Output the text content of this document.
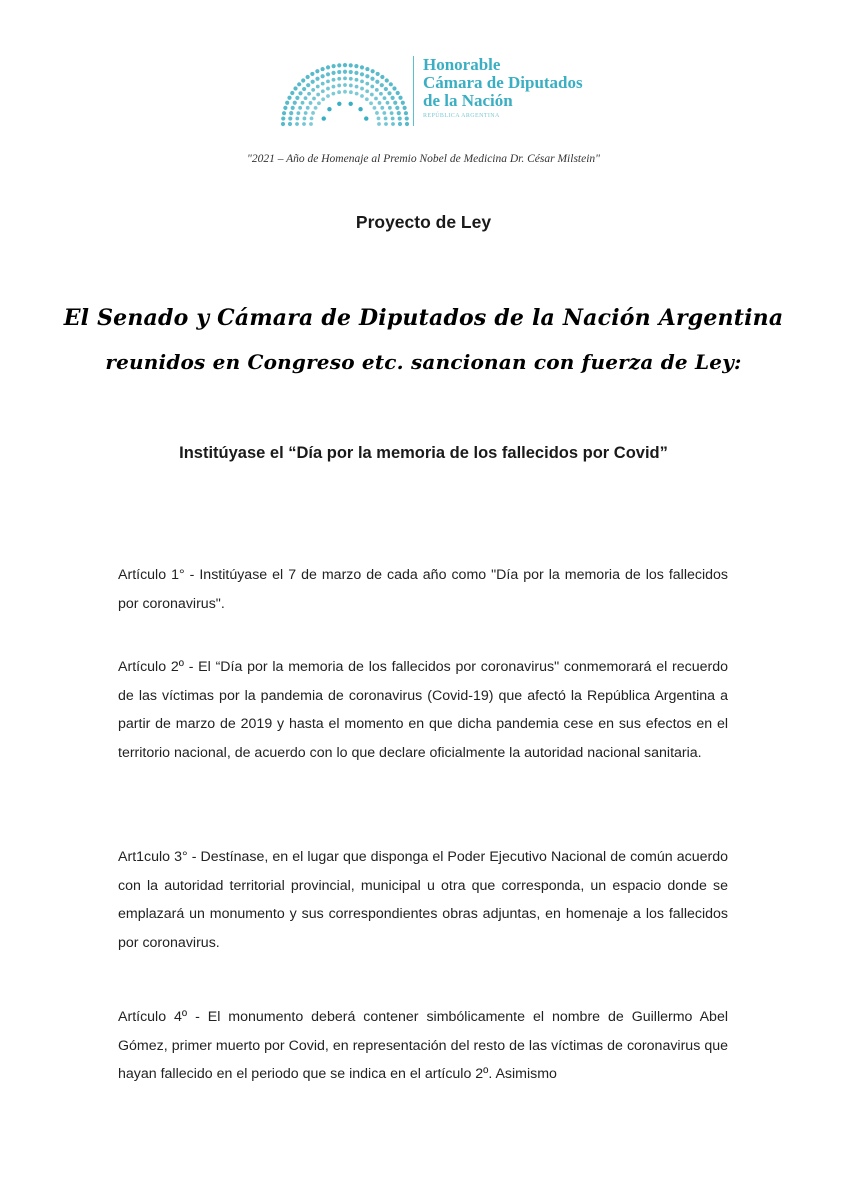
Honorable
Cámara de Diputados
de la Nación
REPÚBLICA ARGENTINA
"2021 – Año de Homenaje al Premio Nobel de Medicina Dr. César Milstein"
Proyecto de Ley
El Senado y Cámara de Diputados de la Nación Argentina
reunidos en Congreso etc. sancionan con fuerza de Ley:
Institúyase el “Día por la memoria de los fallecidos por Covid”

Artículo 1° - Institúyase el 7 de marzo de cada año como "Día por la memoria de los fallecidos por coronavirus".

Artículo 2º - El “Día por la memoria de los fallecidos por coronavirus" conmemorará el recuerdo de las víctimas por la pandemia de coronavirus (Covid-19) que afectó la República Argentina a partir de marzo de 2019 y hasta el momento en que dicha pandemia cese en sus efectos en el territorio nacional, de acuerdo con lo que declare oficialmente la autoridad nacional sanitaria.

Art1culo 3° - Destínase, en el lugar que disponga el Poder Ejecutivo Nacional de común acuerdo con la autoridad territorial provincial, municipal u otra que corresponda, un espacio donde se emplazará un monumento y sus correspondientes obras adjuntas, en homenaje a los fallecidos por coronavirus.

Artículo 4º - El monumento deberá contener simbólicamente el nombre de Guillermo Abel Gómez, primer muerto por Covid, en representación del resto de las víctimas de coronavirus que hayan fallecido en el periodo que se indica en el artículo 2º. Asimismo
